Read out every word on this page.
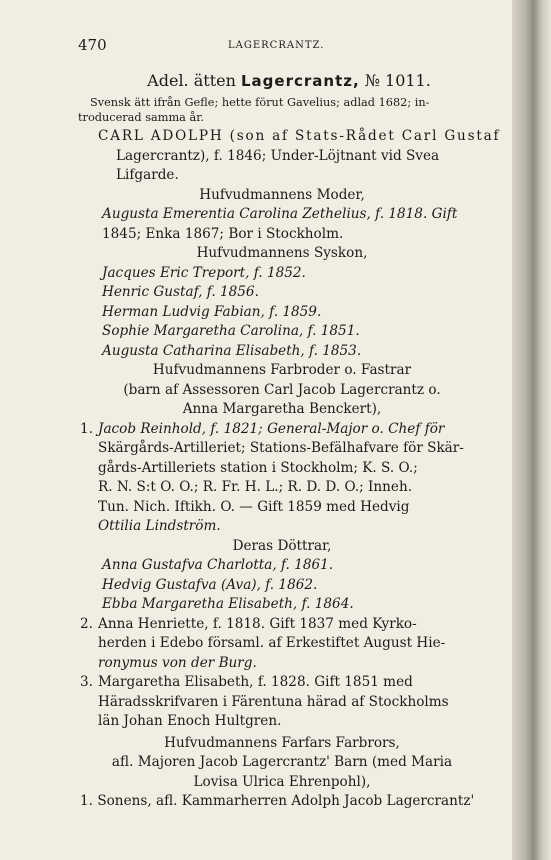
470	LAGERCRANTZ.
Adel. ätten Lagercrantz, № 1011.
Svensk ätt ifrån Gefle; hette förut Gavelius; adlad 1682; in-
troducerad samma år.
CARL ADOLPH (son af Stats-Rådet Carl Gustaf
Lagercrantz), f. 1846; Under-Löjtnant vid Svea
Lifgarde.
Hufvudmannens Moder,
Augusta Emerentia Carolina Zethelius, f. 1818. Gift
1845; Enka 1867; Bor i Stockholm.
Hufvudmannens Syskon,
Jacques Eric Treport, f. 1852.
Henric Gustaf, f. 1856.
Herman Ludvig Fabian, f. 1859.
Sophie Margaretha Carolina, f. 1851.
Augusta Catharina Elisabeth, f. 1853.
Hufvudmannens Farbroder o. Fastrar
(barn af Assessoren Carl Jacob Lagercrantz o.
Anna Margaretha Benckert),
1. Jacob Reinhold, f. 1821; General-Major o. Chef för
Skärgårds-Artilleriet; Stations-Befälhafvare för Skär-
gårds-Artilleriets station i Stockholm; K. S. O.;
R. N. S:t O. O.; R. Fr. H. L.; R. D. D. O.; Inneh.
Tun. Nich. Iftikh. O. — Gift 1859 med Hedvig
Ottilia Lindström.
Deras Döttrar,
Anna Gustafva Charlotta, f. 1861.
Hedvig Gustafva (Ava), f. 1862.
Ebba Margaretha Elisabeth, f. 1864.
2. Anna Henriette, f. 1818. Gift 1837 med Kyrko-
herden i Edebo församl. af Erkestiftet August Hie-
ronymus von der Burg.
3. Margaretha Elisabeth, f. 1828. Gift 1851 med
Häradsskrifvaren i Färentuna härad af Stockholms
län Johan Enoch Hultgren.
Hufvudmannens Farfars Farbrors,
afl. Majoren Jacob Lagercrantz' Barn (med Maria
Lovisa Ulrica Ehrenpohl),
1. Sonens, afl. Kammarherren Adolph Jacob Lagercrantz'
